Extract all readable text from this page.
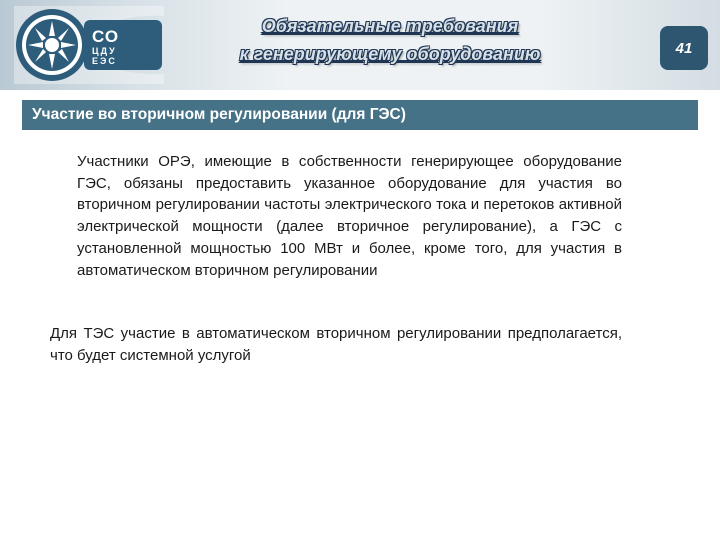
СО
ЦДУ
ЕЭС
Обязательные требования
к генерирующему оборудованию	41
Участие во вторичном регулировании (для ГЭС)
Участники ОРЭ, имеющие в собственности генерирующее оборудование ГЭС, обязаны предоставить указанное оборудование для участия во вторичном регулировании частоты электрического тока и перетоков активной электрической мощности (далее вторичное регулирование), а ГЭС с установленной мощностью 100 МВт и более, кроме того, для участия в автоматическом вторичном регулировании
Для ТЭС участие в автоматическом вторичном регулировании предполагается, что будет системной услугой
